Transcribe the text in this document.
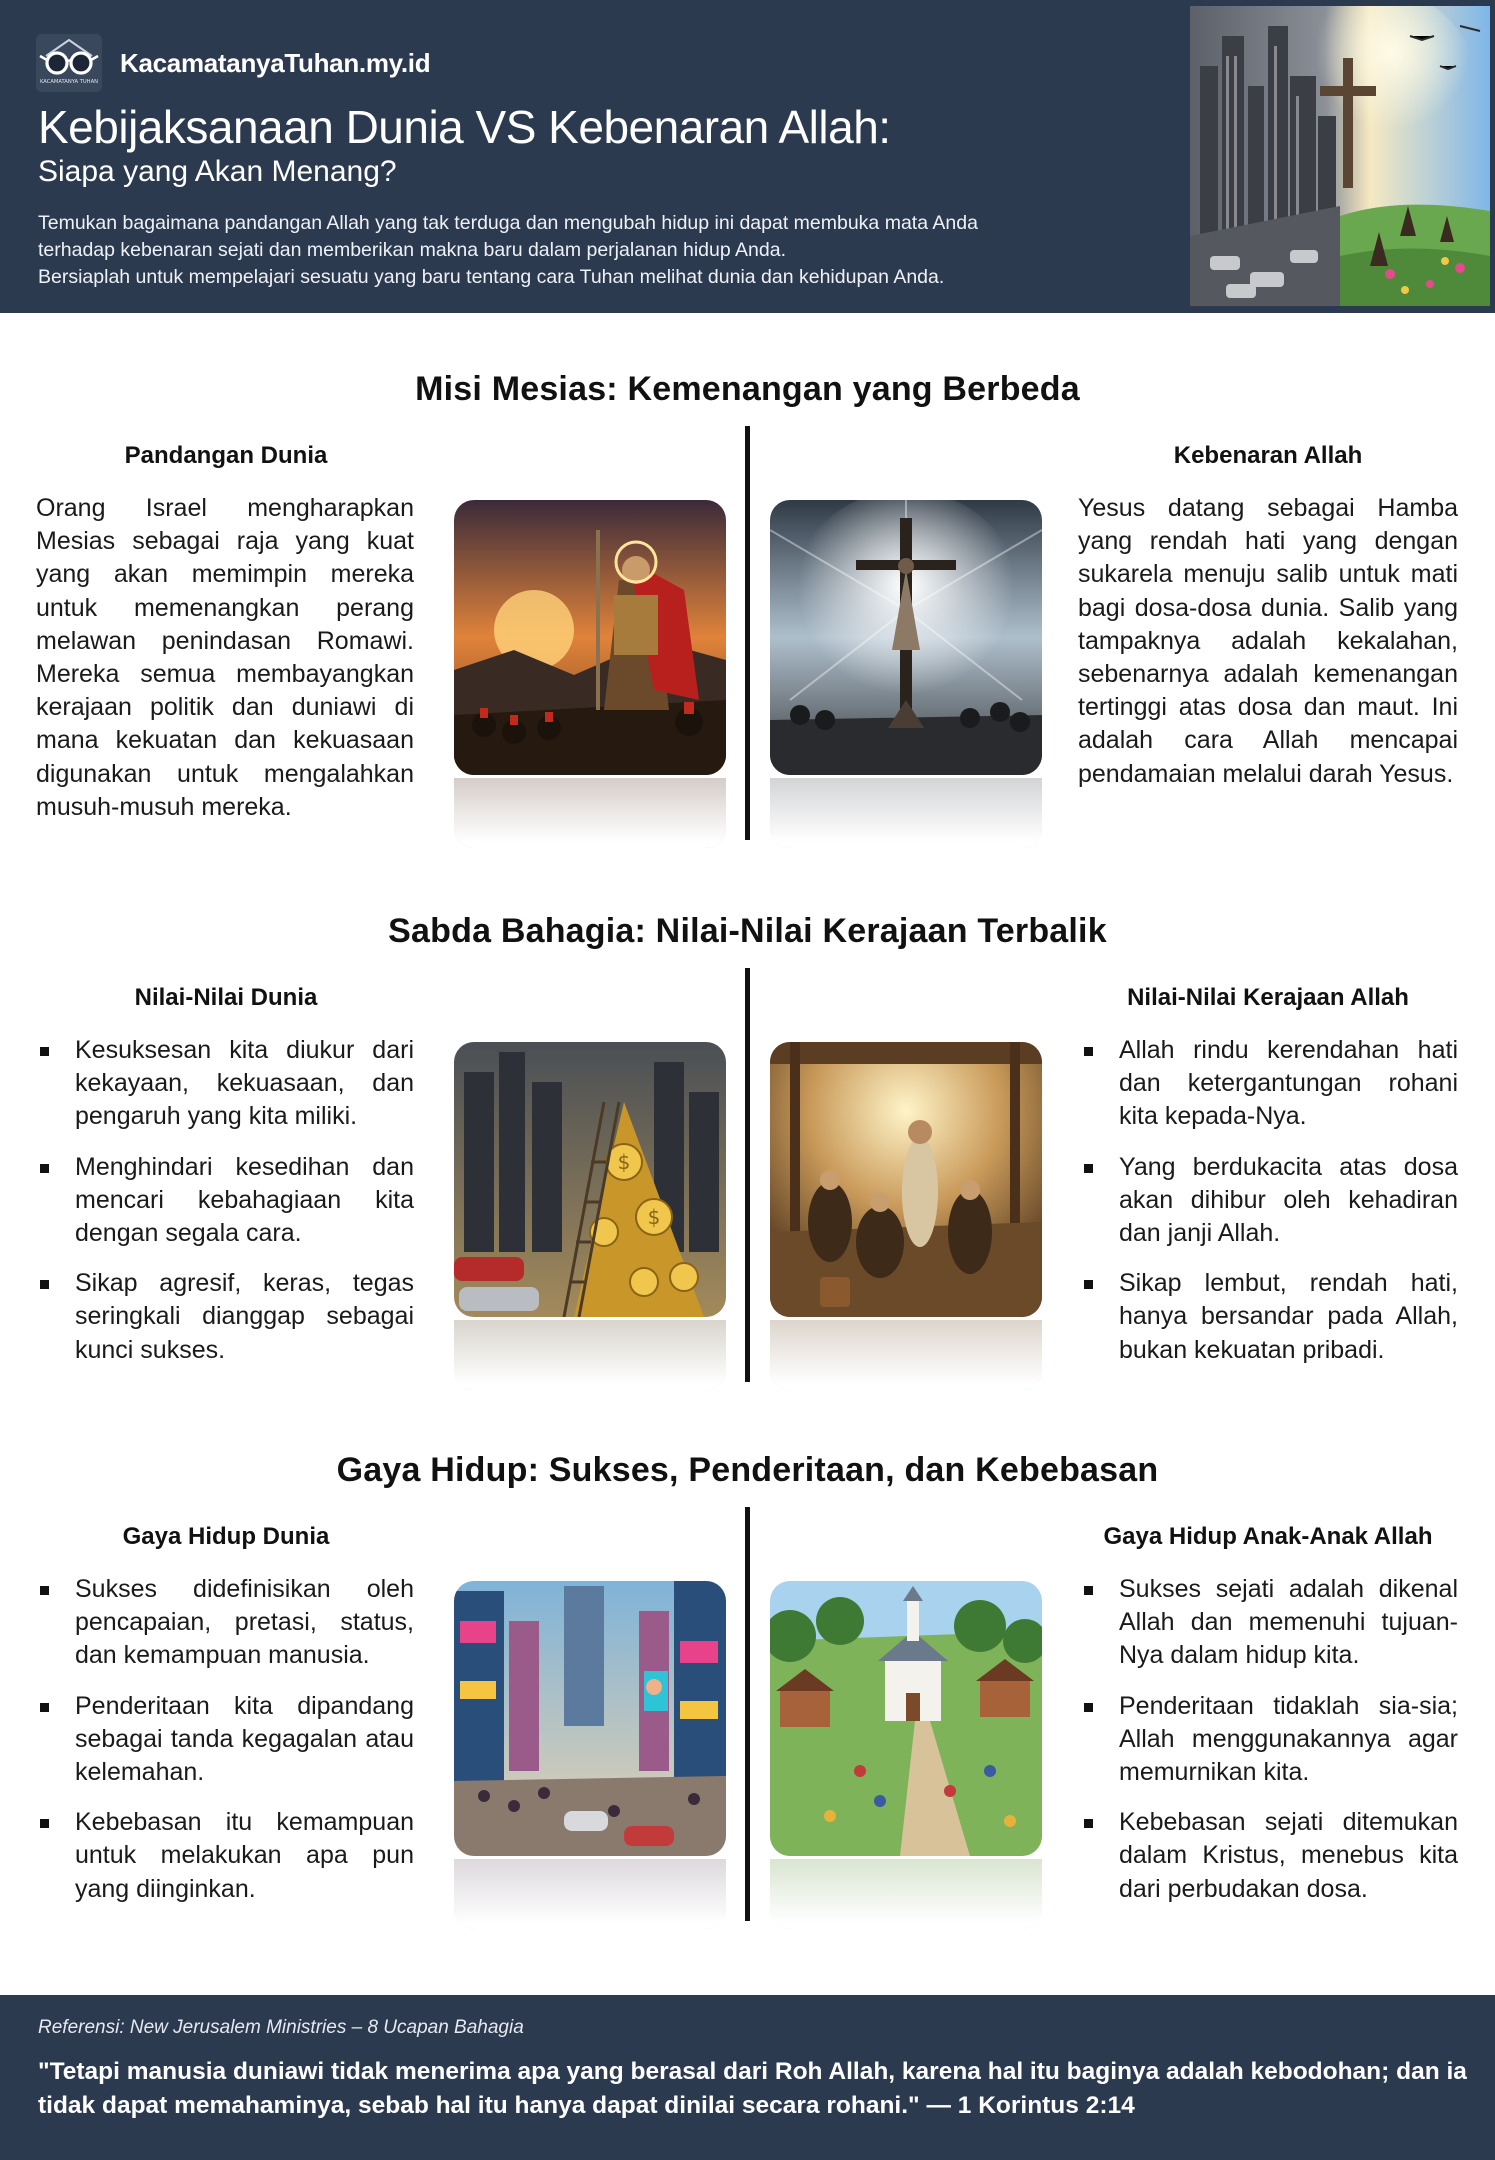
KACAMATANYA TUHAN
KacamatanyaTuhan.my.id
Kebijaksanaan Dunia VS Kebenaran Allah:
Siapa yang Akan Menang?

Temukan bagaimana pandangan Allah yang tak terduga dan mengubah hidup ini dapat membuka mata Anda

terhadap kebenaran sejati dan memberikan makna baru dalam perjalanan hidup Anda.

Bersiaplah untuk mempelajari sesuatu yang baru tentang cara Tuhan melihat dunia dan kehidupan Anda.

Misi Mesias: Kemenangan yang Berbeda
Pandangan Dunia	Kebenaran Allah
Orang Israel mengharapkan Mesias sebagai raja yang kuat yang akan memimpin mereka untuk memenangkan perang melawan penindasan Romawi. Mereka semua membayangkan kerajaan politik dan duniawi di mana kekuatan dan kekuasaan digunakan untuk mengalahkan musuh-musuh mereka.
Yesus datang sebagai Hamba yang rendah hati yang dengan sukarela menuju salib untuk mati bagi dosa-dosa dunia. Salib yang tampaknya adalah kekalahan, sebenarnya adalah kemenangan tertinggi atas dosa dan maut. Ini adalah cara Allah mencapai pendamaian melalui darah Yesus.
Sabda Bahagia: Nilai-Nilai Kerajaan Terbalik
Nilai-Nilai Dunia	Nilai-Nilai Kerajaan Allah
Kesuksesan kita diukur dari kekayaan, kekuasaan, dan pengaruh yang kita miliki.
Menghindari kesedihan dan mencari kebahagiaan kita dengan segala cara.
Sikap agresif, keras, tegas seringkali dianggap sebagai kunci sukses.
Allah rindu kerendahan hati dan ketergantungan rohani kita kepada-Nya.
Yang berdukacita atas dosa akan dihibur oleh kehadiran dan janji Allah.
Sikap lembut, rendah hati, hanya bersandar pada Allah, bukan kekuatan pribadi.
$
$
Gaya Hidup: Sukses, Penderitaan, dan Kebebasan
Gaya Hidup Dunia	Gaya Hidup Anak-Anak Allah
Sukses didefinisikan oleh pencapaian, pretasi, status, dan kemampuan manusia.
Penderitaan kita dipandang sebagai tanda kegagalan atau kelemahan.
Kebebasan itu kemampuan untuk melakukan apa pun yang diinginkan.
Sukses sejati adalah dikenal Allah dan memenuhi tujuan-Nya dalam hidup kita.
Penderitaan tidaklah sia-sia; Allah menggunakannya agar memurnikan kita.
Kebebasan sejati ditemukan dalam Kristus, menebus kita dari perbudakan dosa.
Referensi: New Jerusalem Ministries – 8 Ucapan Bahagia
"Tetapi manusia duniawi tidak menerima apa yang berasal dari Roh Allah, karena hal itu baginya adalah kebodohan; dan ia tidak dapat memahaminya, sebab hal itu hanya dapat dinilai secara rohani." — 1 Korintus 2:14
